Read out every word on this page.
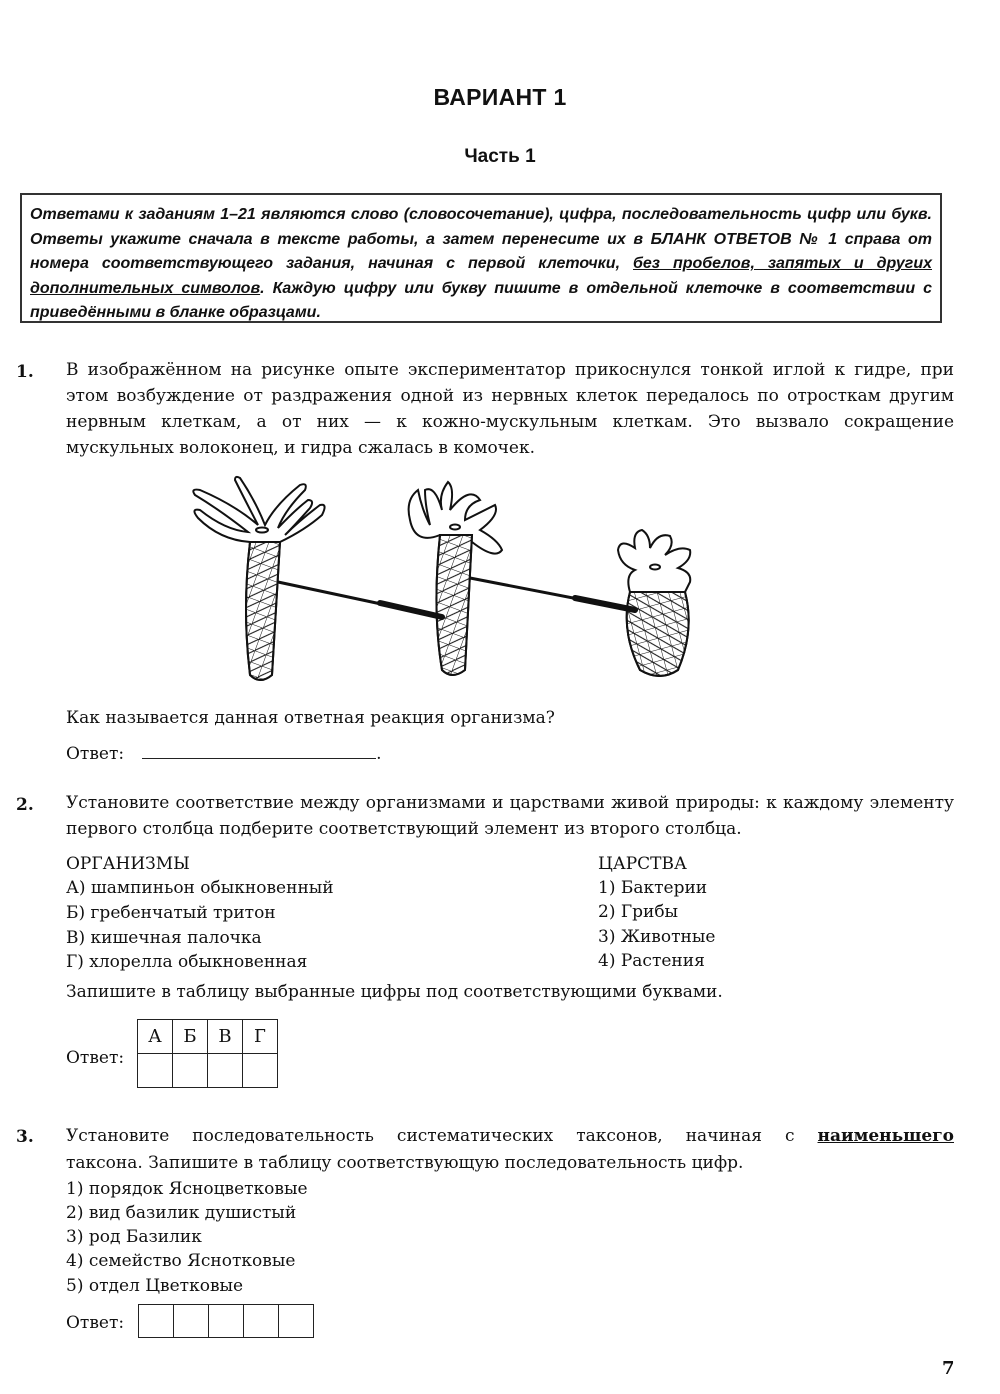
ВАРИАНТ 1
Часть 1
Ответами к заданиям 1–21 являются слово (словосочетание), цифра, последовательность цифр или букв. Ответы укажите сначала в тексте работы, а затем перенесите их в БЛАНК ОТВЕТОВ № 1 справа от номера соответствующего задания, начиная с первой клеточки, без пробелов, запятых и других дополнительных символов. Каждую цифру или букву пишите в отдельной клеточке в соответствии с приведёнными в бланке образцами.
1. В изображённом на рисунке опыте экспериментатор прикоснулся тонкой иглой к гидре, при этом возбуждение от раздражения одной из нервных клеток передалось по отросткам другим нервным клеткам, а от них — к кожно-мускульным клеткам. Это вызвало сокращение мускульных волоконец, и гидра сжалась в комочек.
Как называется данная ответная реакция организма?
Ответ:	.
2. Установите соответствие между организмами и царствами живой природы: к каждому элементу первого столбца подберите соответствующий элемент из второго столбца.
ОРГАНИЗМЫ
А) шампиньон обыкновенный
Б) гребенчатый тритон
В) кишечная палочка
Г) хлорелла обыкновенная
ЦАРСТВА
1) Бактерии
2) Грибы
3) Животные
4) Растения
Запишите в таблицу выбранные цифры под соответствующими буквами.
Ответ:
А	Б	В	Г

3. Установите последовательность систематических таксонов, начиная с наименьшего
таксона. Запишите в таблицу соответствующую последовательность цифр.
1) порядок Ясноцветковые
2) вид базилик душистый
3) род Базилик
4) семейство Яснотковые
5) отдел Цветковые
Ответ:

7
